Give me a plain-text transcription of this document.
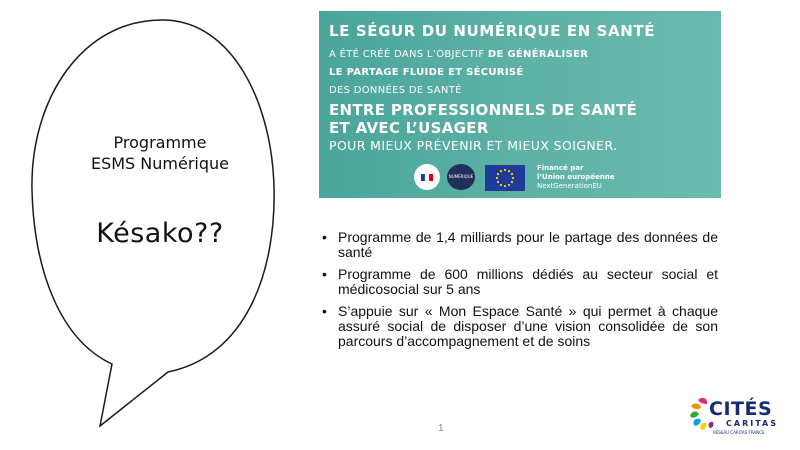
Programme
ESMS Numérique
Késako??
LE SÉGUR DU NUMÉRIQUE EN SANTÉ
A ÉTÉ CRÉÉ DANS L’OBJECTIF DE GÉNÉRALISER
LE PARTAGE FLUIDE ET SÉCURISÉ
DES DONNÉES DE SANTÉ
ENTRE PROFESSIONNELS DE SANTÉ
ET AVEC L’USAGER
POUR MIEUX PRÉVENIR ET MIEUX SOIGNER.
NUMÉRIQUE
Financé par
l’Union européenne
NextGenerationEU
• Programme de 1,4 milliards pour le partage des données de santé
• Programme de 600 millions dédiés au secteur social et médicosocial sur 5 ans
• S’appuie sur « Mon Espace Santé » qui permet à chaque assuré social de disposer d’une vision consolidée de son parcours d’accompagnement et de soins
1
CITÉS
CARITAS
RÉSEAU CARITAS FRANCE
